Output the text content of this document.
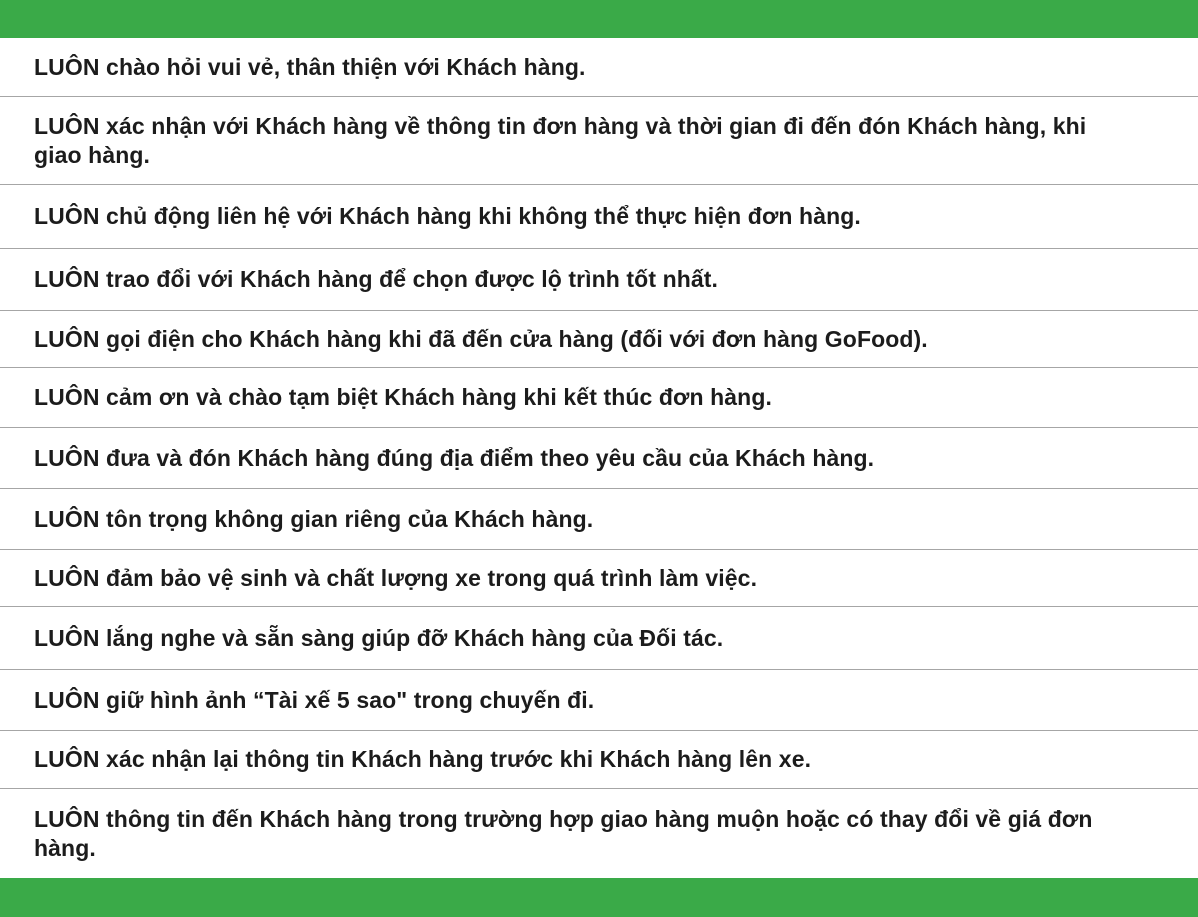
LUÔN chào hỏi vui vẻ, thân thiện với Khách hàng.
LUÔN xác nhận với Khách hàng về thông tin đơn hàng và thời gian đi đến đón Khách hàng, khi giao hàng.
LUÔN chủ động liên hệ với Khách hàng khi không thể thực hiện đơn hàng.
LUÔN trao đổi với Khách hàng để chọn được lộ trình tốt nhất.
LUÔN gọi điện cho Khách hàng khi đã đến cửa hàng (đối với đơn hàng GoFood).
LUÔN cảm ơn và chào tạm biệt Khách hàng khi kết thúc đơn hàng.
LUÔN đưa và đón Khách hàng đúng địa điểm theo yêu cầu của Khách hàng.
LUÔN tôn trọng không gian riêng của Khách hàng.
LUÔN đảm bảo vệ sinh và chất lượng xe trong quá trình làm việc.
LUÔN lắng nghe và sẵn sàng giúp đỡ Khách hàng của Đối tác.
LUÔN giữ hình ảnh “Tài xế 5 sao" trong chuyến đi.
LUÔN xác nhận lại thông tin Khách hàng trước khi Khách hàng lên xe.
LUÔN thông tin đến Khách hàng trong trường hợp giao hàng muộn hoặc có thay đổi về giá đơn hàng.
